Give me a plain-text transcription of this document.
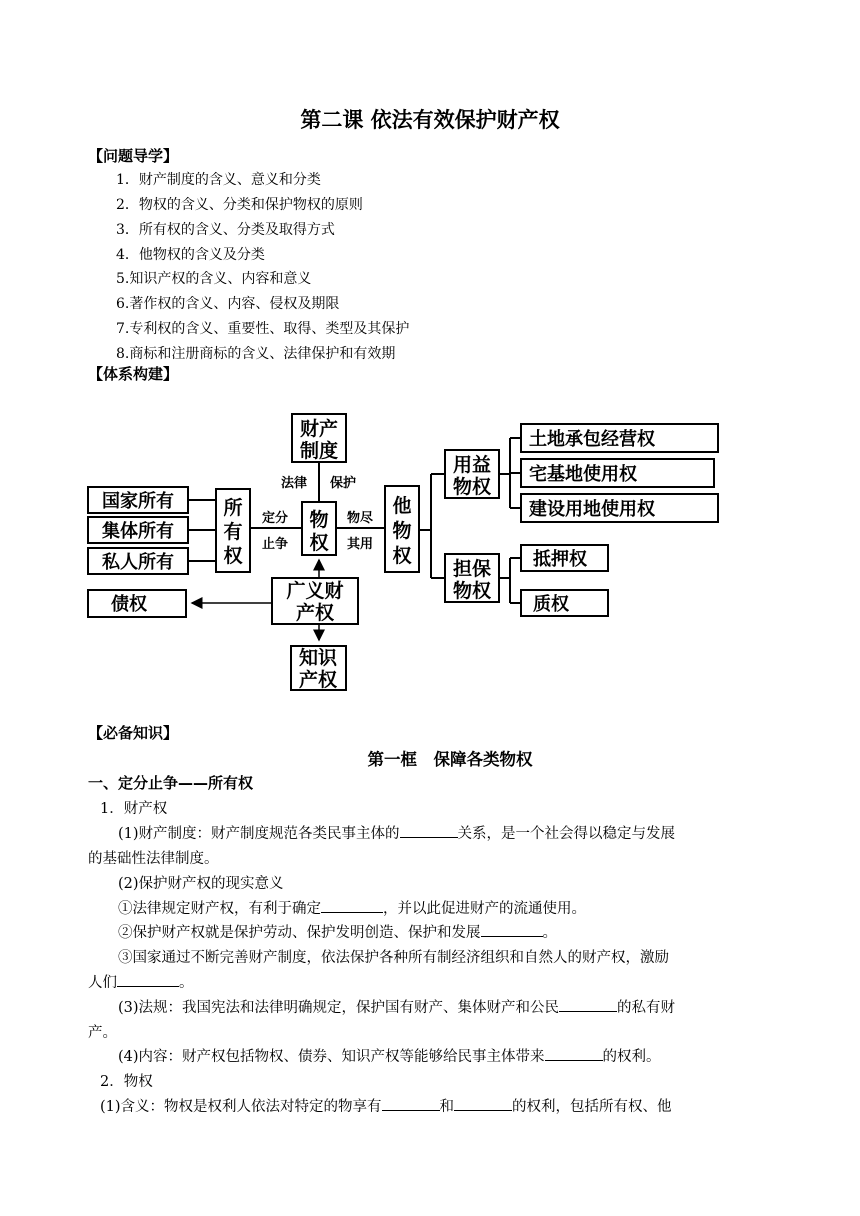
第二课 依法有效保护财产权
【问题导学】
1．财产制度的含义、意义和分类
2．物权的含义、分类和保护物权的原则
3．所有权的含义、分类及取得方式
4．他物权的含义及分类
5.知识产权的含义、内容和意义
6.著作权的含义、内容、侵权及期限
7.专利权的含义、重要性、取得、类型及其保护
8.商标和注册商标的含义、法律保护和有效期
【体系构建】
财产
制度
法律 保护
国家所有
集体所有
私人所有
所
有
权
定分
止争
物
权
物尽
其用
他
物
权
用益
物权
担保
物权
土地承包经营权
宅基地使用权
建设用地使用权
抵押权
质权
广义财
产权
债权
知识
产权
【必备知识】
第一框　保障各类物权
一、定分止争——所有权
1．财产权
(1)财产制度：财产制度规范各类民事主体的	关系，是一个社会得以稳定与发展
的基础性法律制度。
(2)保护财产权的现实意义
①法律规定财产权，有利于确定	，并以此促进财产的流通使用。
②保护财产权就是保护劳动、保护发明创造、保护和发展	。
③国家通过不断完善财产制度，依法保护各种所有制经济组织和自然人的财产权，激励
人们	。
(3)法规：我国宪法和法律明确规定，保护国有财产、集体财产和公民	的私有财
产。
(4)内容：财产权包括物权、债券、知识产权等能够给民事主体带来	的权利。
2．物权
(1)含义：物权是权利人依法对特定的物享有	和	的权利，包括所有权、他
